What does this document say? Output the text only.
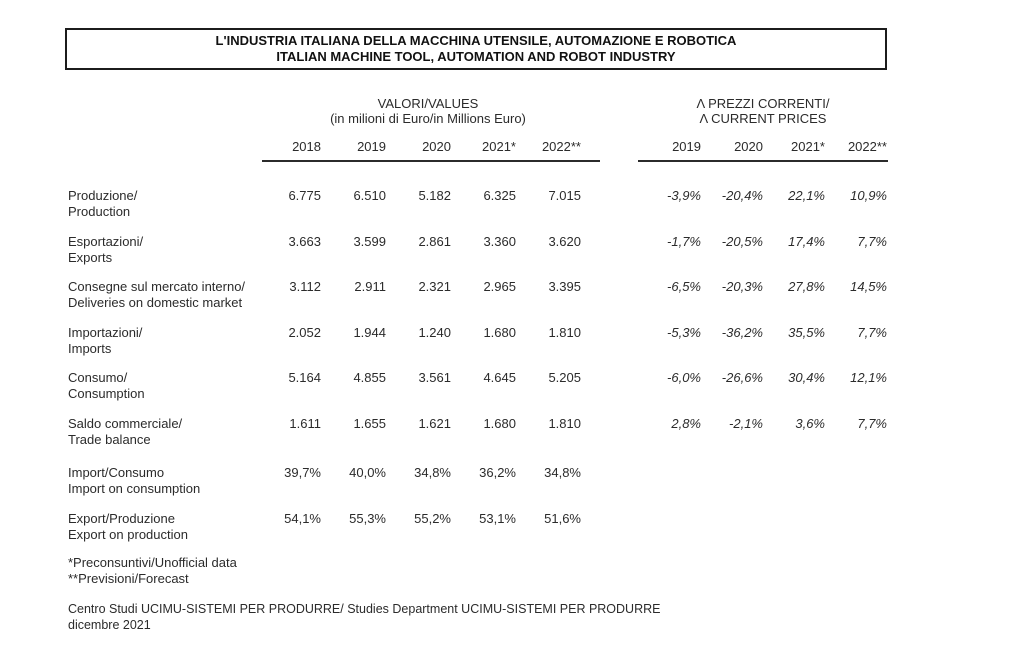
L'INDUSTRIA ITALIANA DELLA MACCHINA UTENSILE, AUTOMAZIONE E ROBOTICA
ITALIAN MACHINE TOOL, AUTOMATION AND ROBOT INDUSTRY
VALORI/VALUES
(in milioni di Euro/in Millions Euro)
Λ PREZZI CORRENTI/
Λ CURRENT PRICES
2018	2019	2020	2021*	2022**	2019	2020	2021*	2022**
Produzione/
Production
6.775	6.510	5.182	6.325	7.015	-3,9%	-20,4%	22,1%	10,9%
Esportazioni/
Exports
3.663	3.599	2.861	3.360	3.620	-1,7%	-20,5%	17,4%	7,7%
Consegne sul mercato interno/
Deliveries on domestic market
3.112	2.911	2.321	2.965	3.395	-6,5%	-20,3%	27,8%	14,5%
Importazioni/
Imports
2.052	1.944	1.240	1.680	1.810	-5,3%	-36,2%	35,5%	7,7%
Consumo/
Consumption
5.164	4.855	3.561	4.645	5.205	-6,0%	-26,6%	30,4%	12,1%
Saldo commerciale/
Trade balance
1.611	1.655	1.621	1.680	1.810	2,8%	-2,1%	3,6%	7,7%
Import/Consumo
Import on consumption
39,7%	40,0%	34,8%	36,2%	34,8%
Export/Produzione
Export on production
54,1%	55,3%	55,2%	53,1%	51,6%
*Preconsuntivi/Unofficial data
**Previsioni/Forecast
Centro Studi UCIMU-SISTEMI PER PRODURRE/ Studies Department UCIMU-SISTEMI PER PRODURRE
dicembre 2021
